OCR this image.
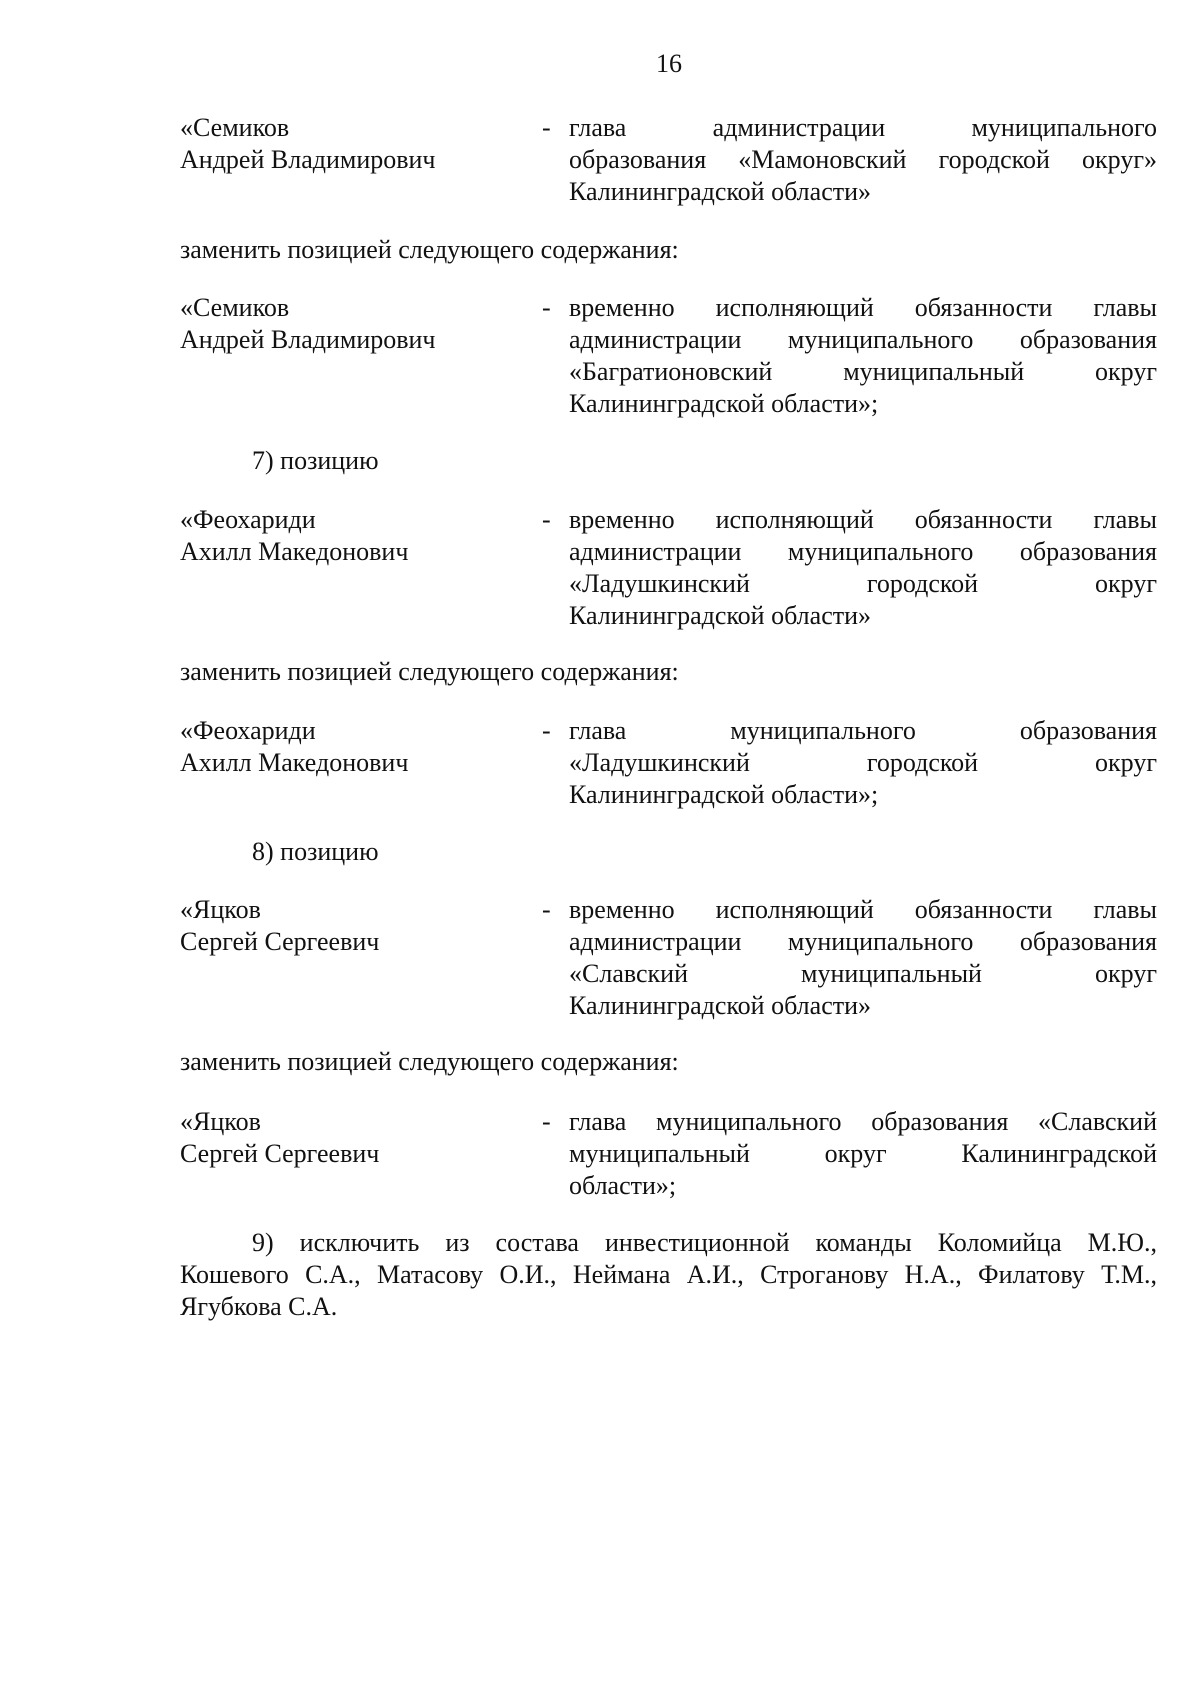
16
«Семиков
Андрей Владимирович
- глава администрации муниципального
образования «Мамоновский городской округ»
Калининградской области»
заменить позицией следующего содержания:
«Семиков
Андрей Владимирович
- временно исполняющий обязанности главы
администрации муниципального образования
«Багратионовский муниципальный округ
Калининградской области»;
7) позицию
«Феохариди
Ахилл Македонович
- временно исполняющий обязанности главы
администрации муниципального образования
«Ладушкинский городской округ
Калининградской области»
заменить позицией следующего содержания:
«Феохариди
Ахилл Македонович
- глава муниципального образования
«Ладушкинский городской округ
Калининградской области»;
8) позицию
«Яцков
Сергей Сергеевич
- временно исполняющий обязанности главы
администрации муниципального образования
«Славский муниципальный округ
Калининградской области»
заменить позицией следующего содержания:
«Яцков
Сергей Сергеевич
- глава муниципального образования «Славский
муниципальный округ Калининградской
области»;
9) исключить из состава инвестиционной команды Коломийца М.Ю.,
Кошевого С.А., Матасову О.И., Неймана А.И., Строганову Н.А., Филатову Т.М.,
Ягубкова С.А.
